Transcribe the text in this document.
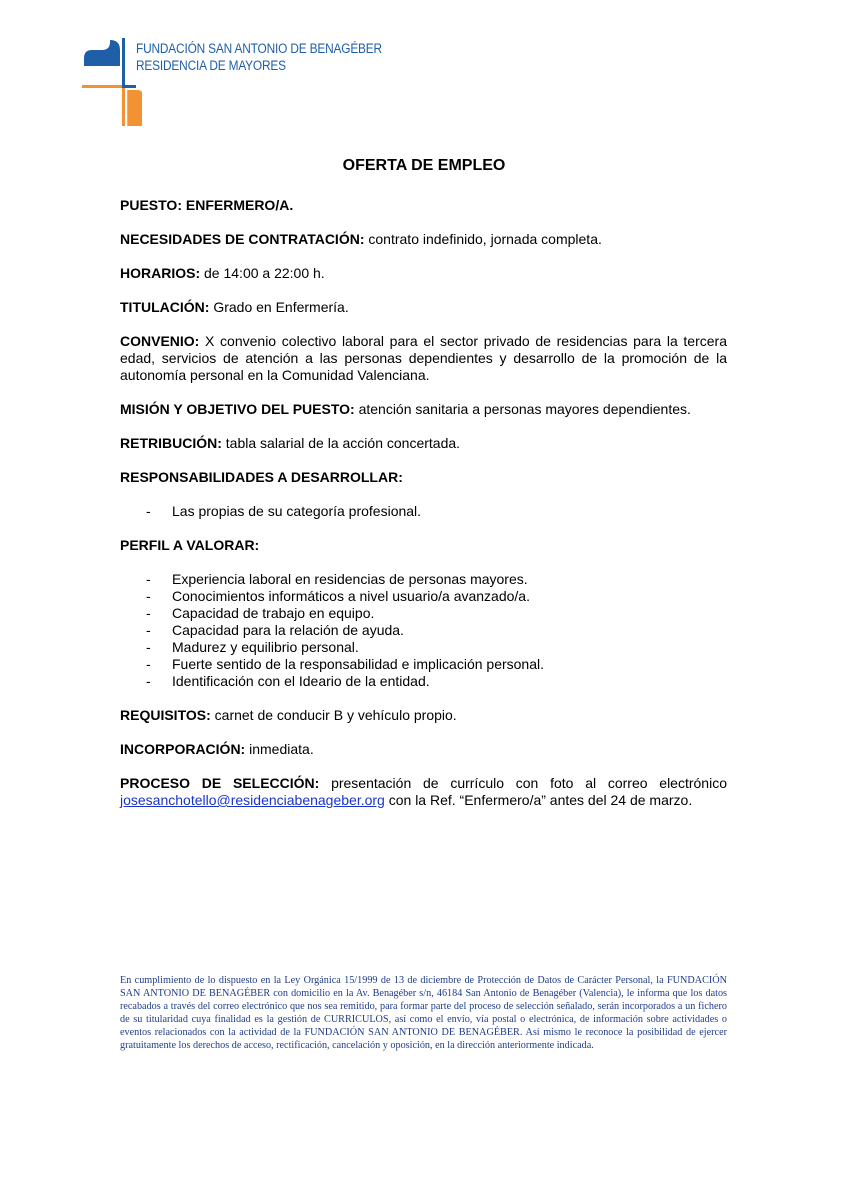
FUNDACIÓN SAN ANTONIO DE BENAGÉBER
RESIDENCIA DE MAYORES
OFERTA DE EMPLEO

PUESTO: ENFERMERO/A.

NECESIDADES DE CONTRATACIÓN: contrato indefinido, jornada completa.

HORARIOS: de 14:00 a 22:00 h.

TITULACIÓN: Grado en Enfermería.

CONVENIO: X convenio colectivo laboral para el sector privado de residencias para la tercera edad, servicios de atención a las personas dependientes y desarrollo de la promoción de la autonomía personal en la Comunidad Valenciana.

MISIÓN Y OBJETIVO DEL PUESTO: atención sanitaria a personas mayores dependientes.

RETRIBUCIÓN: tabla salarial de la acción concertada.

RESPONSABILIDADES A DESARROLLAR:

- Las propias de su categoría profesional.

PERFIL A VALORAR:

- Experiencia laboral en residencias de personas mayores.
- Conocimientos informáticos a nivel usuario/a avanzado/a.
- Capacidad de trabajo en equipo.
- Capacidad para la relación de ayuda.
- Madurez y equilibrio personal.
- Fuerte sentido de la responsabilidad e implicación personal.
- Identificación con el Ideario de la entidad.

REQUISITOS: carnet de conducir B y vehículo propio.

INCORPORACIÓN: inmediata.

PROCESO DE SELECCIÓN: presentación de currículo con foto al correo electrónico josesanchotello@residenciabenageber.org con la Ref. “Enfermero/a” antes del 24 de marzo.

En cumplimiento de lo dispuesto en la Ley Orgánica 15/1999 de 13 de diciembre de Protección de Datos de Carácter Personal, la FUNDACIÓN SAN ANTONIO DE BENAGÉBER con domicilio en la Av. Benagéber s/n, 46184 San Antonio de Benagéber (Valencia), le informa que los datos recabados a través del correo electrónico que nos sea remitido, para formar parte del proceso de selección señalado, serán incorporados a un fichero de su titularidad cuya finalidad es la gestión de CURRICULOS, así como el envío, vía postal o electrónica, de información sobre actividades o eventos relacionados con la actividad de la FUNDACIÓN SAN ANTONIO DE BENAGÉBER. Así mismo le reconoce la posibilidad de ejercer gratuitamente los derechos de acceso, rectificación, cancelación y oposición, en la dirección anteriormente indicada.
